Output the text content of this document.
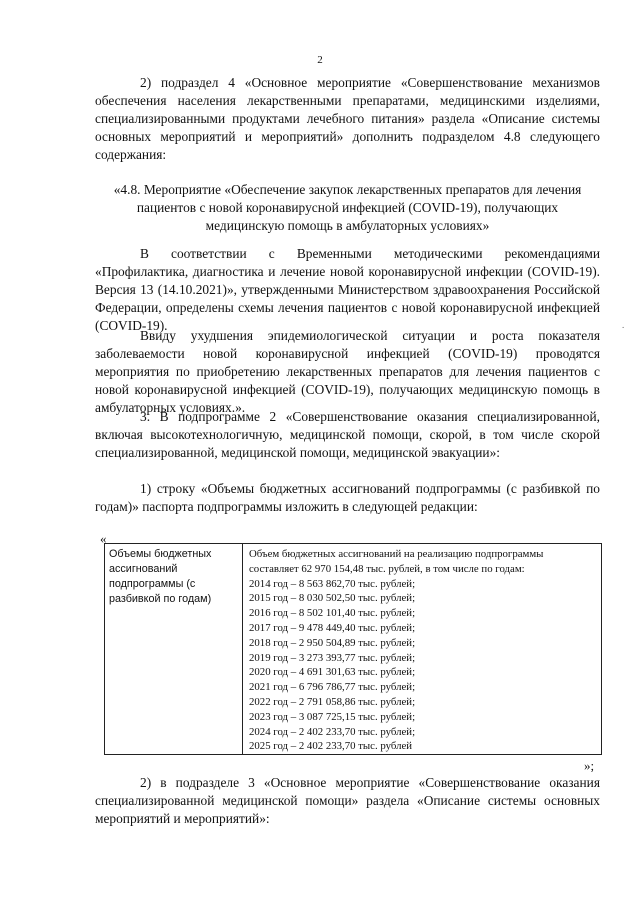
2

2) подраздел 4 «Основное мероприятие «Совершенствование механизмов обеспечения населения лекарственными препаратами, медицинскими изделиями, специализированными продуктами лечебного питания» раздела «Описание системы основных мероприятий и мероприятий» дополнить подразделом 4.8 следующего содержания:

«4.8. Мероприятие «Обеспечение закупок лекарственных препаратов для лечения пациентов с новой коронавирусной инфекцией (COVID-19), получающих медицинскую помощь в амбулаторных условиях»

В соответствии с Временными методическими рекомендациями «Профилактика, диагностика и лечение новой коронавирусной инфекции (COVID-19). Версия 13 (14.10.2021)», утвержденными Министерством здравоохранения Российской Федерации, определены схемы лечения пациентов с новой коронавирусной инфекцией (COVID-19).

Ввиду ухудшения эпидемиологической ситуации и роста показателя заболеваемости новой коронавирусной инфекцией (COVID-19) проводятся мероприятия по приобретению лекарственных препаратов для лечения пациентов с новой коронавирусной инфекцией (COVID-19), получающих медицинскую помощь в амбулаторных условиях.».

3. В подпрограмме 2 «Совершенствование оказания специализированной, включая высокотехнологичную, медицинской помощи, скорой, в том числе скорой специализированной, медицинской помощи, медицинской эвакуации»:

1) строку «Объемы бюджетных ассигнований подпрограммы (с разбивкой по годам)» паспорта подпрограммы изложить в следующей редакции:

«
Объемы бюджетных ассигнований подпрограммы (с разбивкой по годам)
Объем бюджетных ассигнований на реализацию подпрограммы составляет 62 970 154,48 тыс. рублей, в том числе по годам:
2014 год – 8 563 862,70 тыс. рублей;
2015 год – 8 030 502,50 тыс. рублей;
2016 год – 8 502 101,40 тыс. рублей;
2017 год – 9 478 449,40 тыс. рублей;
2018 год – 2 950 504,89 тыс. рублей;
2019 год – 3 273 393,77 тыс. рублей;
2020 год – 4 691 301,63 тыс. рублей;
2021 год – 6 796 786,77 тыс. рублей;
2022 год – 2 791 058,86 тыс. рублей;
2023 год – 3 087 725,15 тыс. рублей;
2024 год – 2 402 233,70 тыс. рублей;
2025 год – 2 402 233,70 тыс. рублей
»;

2) в подразделе 3 «Основное мероприятие «Совершенствование оказания специализированной медицинской помощи» раздела «Описание системы основных мероприятий и мероприятий»:

.
